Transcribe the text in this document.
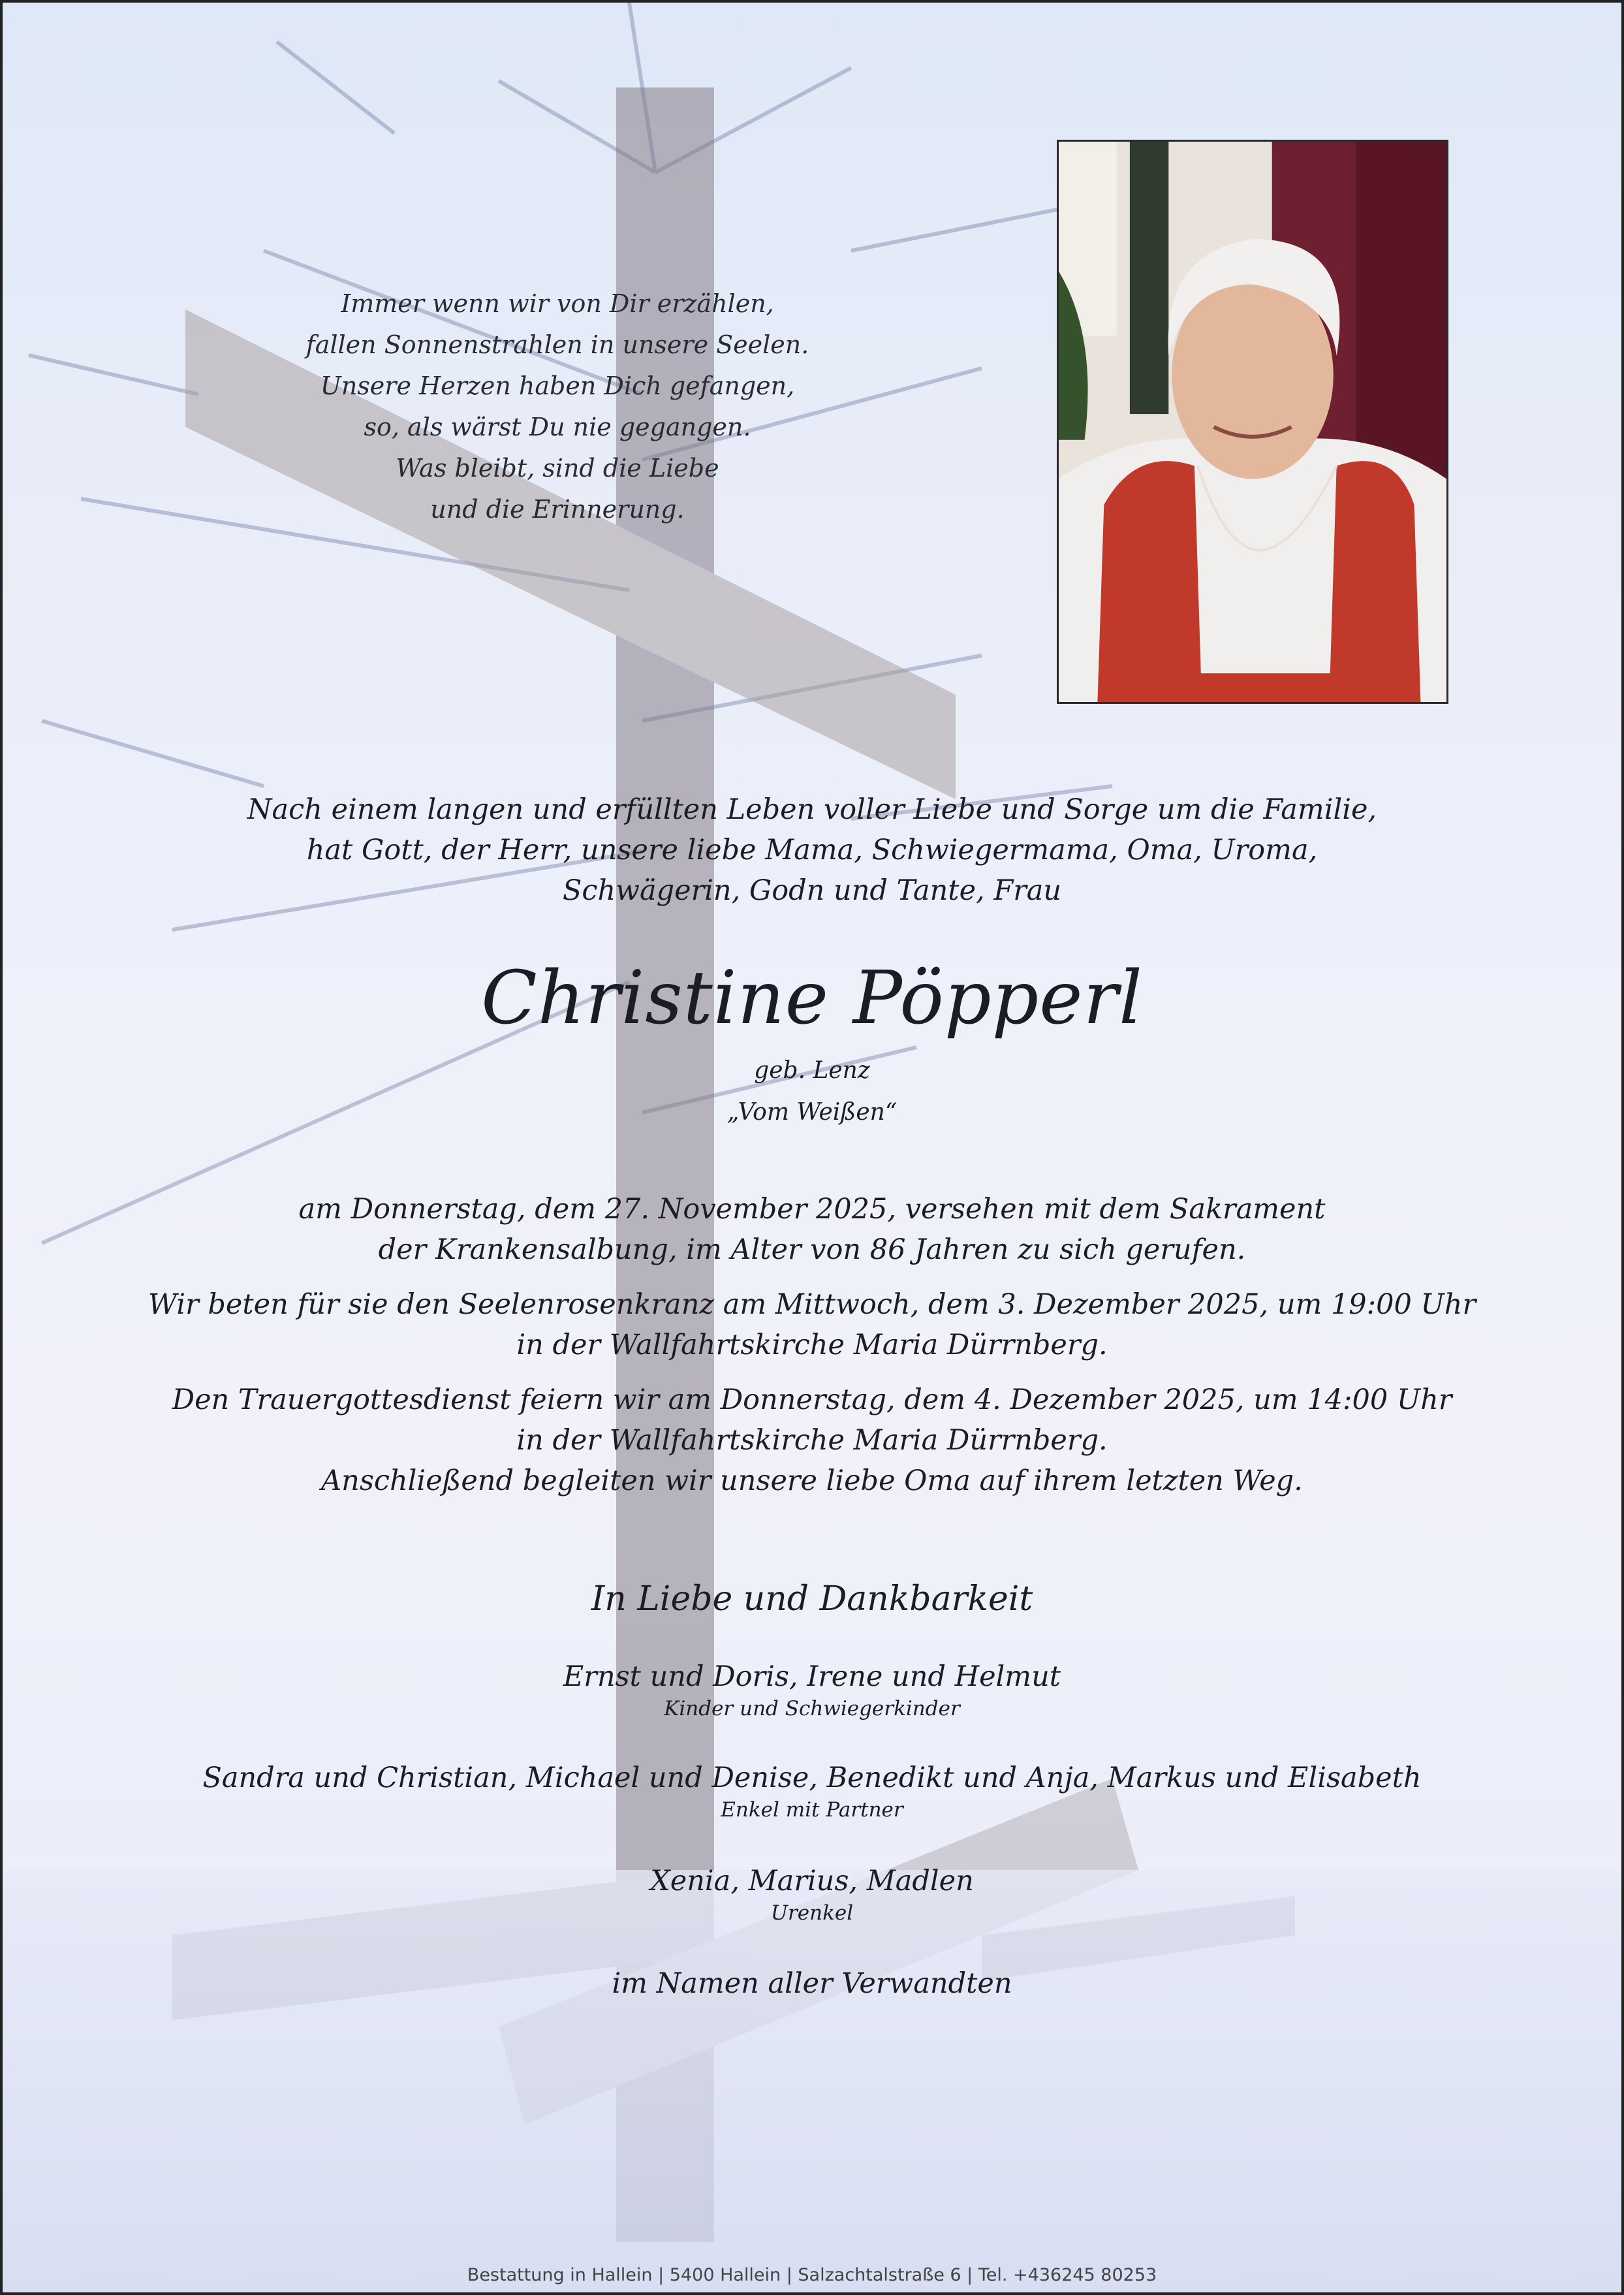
Immer wenn wir von Dir erzählen,
fallen Sonnenstrahlen in unsere Seelen.
Unsere Herzen haben Dich gefangen,
so, als wärst Du nie gegangen.
Was bleibt, sind die Liebe
und die Erinnerung.
Nach einem langen und erfüllten Leben voller Liebe und Sorge um die Familie,
hat Gott, der Herr, unsere liebe Mama, Schwiegermama, Oma, Uroma,
Schwägerin, Godn und Tante, Frau
Christine Pöpperl
geb. Lenz
„Vom Weißen“
am Donnerstag, dem 27. November 2025, versehen mit dem Sakrament
der Krankensalbung, im Alter von 86 Jahren zu sich gerufen.
Wir beten für sie den Seelenrosenkranz am Mittwoch, dem 3. Dezember 2025, um 19:00 Uhr
in der Wallfahrtskirche Maria Dürrnberg.
Den Trauergottesdienst feiern wir am Donnerstag, dem 4. Dezember 2025, um 14:00 Uhr
in der Wallfahrtskirche Maria Dürrnberg.
Anschließend begleiten wir unsere liebe Oma auf ihrem letzten Weg.
In Liebe und Dankbarkeit
Ernst und Doris, Irene und Helmut
Kinder und Schwiegerkinder
Sandra und Christian, Michael und Denise, Benedikt und Anja, Markus und Elisabeth
Enkel mit Partner
Xenia, Marius, Madlen
Urenkel
im Namen aller Verwandten
Bestattung in Hallein | 5400 Hallein | Salzachtalstraße 6 | Tel. +436245 80253
